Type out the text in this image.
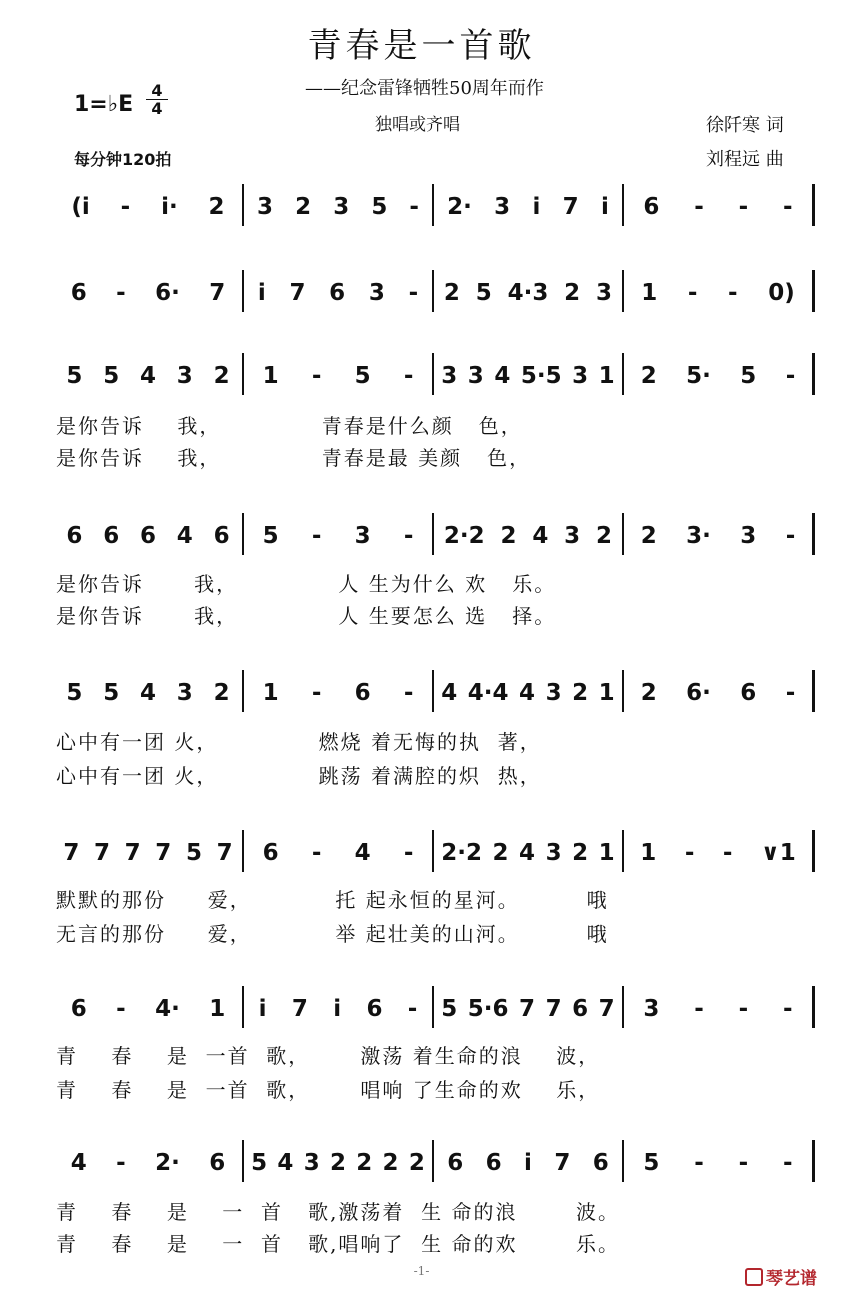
青春是一首歌
——纪念雷锋牺牲50周年而作
独唱或齐唱
1=♭E
4
4
每分钟120拍
徐阡寒 词
刘程远 曲
(i - i· 2 3 2 3 5 - 2· 3 i 7 i 6 - - -
6 - 6· 7 i 7 6 3 - 2 5 4·3 2 3 1 - - 0)
5 5 4 3 2 1 - 5 - 3 3 4 5·5 3 1 2 5· 5 -
6 6 6 4 6 5 - 3 - 2·2 2 4 3 2 2 3· 3 -
5 5 4 3 2 1 - 6 - 4 4·4 4 3 2 1 2 6· 6 -
7 7 7 7 5 7 6 - 4 - 2·2 2 4 3 2 1 1 - - ∨1
6 - 4· 1 i 7 i 6 - 5 5·6 7 7 6 7 3 - - -
4 - 2· 6 5 4 3 2 2 2 2 6 6 i 7 6 5 - - -
是你告诉    我，            青春是什么颜   色，
是你告诉    我，            青春是最 美颜   色，
是你告诉      我，            人 生为什么 欢   乐。
是你告诉      我，            人 生要怎么 选   择。
心中有一团 火，            燃烧 着无悔的执  著，
心中有一团 火，            跳荡 着满腔的炽  热，
默默的那份     爱，          托 起永恒的星河。        哦
无言的那份     爱，          举 起壮美的山河。        哦
青    春    是  一首  歌，      激荡 着生命的浪    波，
青    春    是  一首  歌，      唱响 了生命的欢    乐，
青    春    是    一  首   歌,激荡着  生 命的浪       波。
青    春    是    一  首   歌,唱响了  生 命的欢       乐。
-1-	琴艺谱
